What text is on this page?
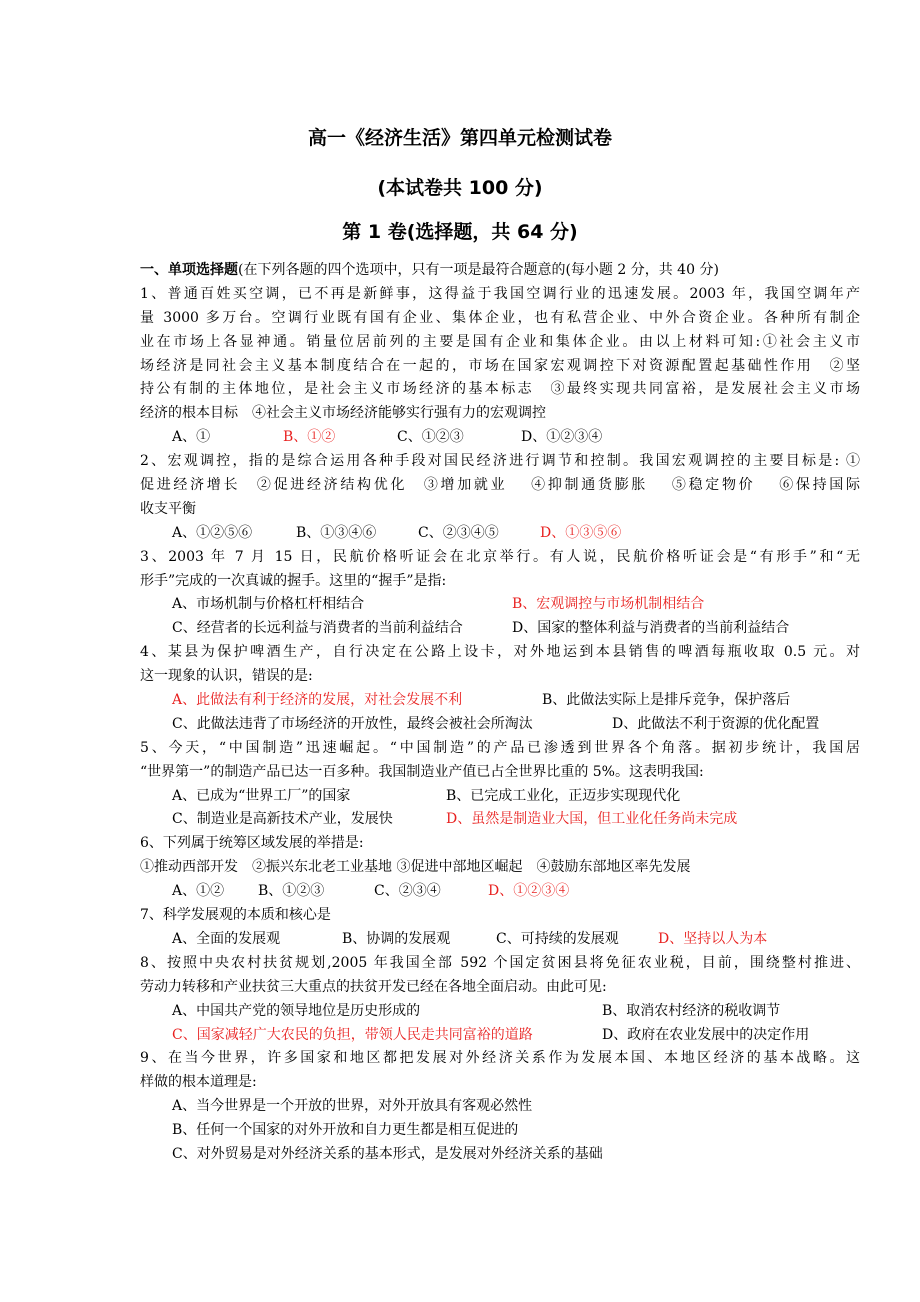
高一《经济生活》第四单元检测试卷
(本试卷共 100 分)
第 1 卷(选择题，共 64 分)
一、单项选择题(在下列各题的四个选项中，只有一项是最符合题意的(每小题 2 分，共 40 分)
1、普通百姓买空调，已不再是新鲜事，这得益于我国空调行业的迅速发展。2003 年，我国空调年产
量 3000 多万台。空调行业既有国有企业、集体企业，也有私营企业、中外合资企业。各种所有制企
业在市场上各显神通。销量位居前列的主要是国有企业和集体企业。由以上材料可知:①社会主义市
场经济是同社会主义基本制度结合在一起的，市场在国家宏观调控下对资源配置起基础性作用　②坚
持公有制的主体地位，是社会主义市场经济的基本标志　③最终实现共同富裕，是发展社会主义市场
经济的根本目标　④社会主义市场经济能够实行强有力的宏观调控
A、①	B、①②	C、①②③	D、①②③④
2、宏观调控，指的是综合运用各种手段对国民经济进行调节和控制。我国宏观调控的主要目标是: ①
促进经济增长　②促进经济结构优化　③增加就业　 ④抑制通货膨胀　 ⑤稳定物价　 ⑥保持国际
收支平衡
A、①②⑤⑥	B、①③④⑥	C、②③④⑤	D、①③⑤⑥
3、2003 年 7 月 15 日，民航价格听证会在北京举行。有人说，民航价格听证会是“有形手”和“无
形手”完成的一次真诚的握手。这里的“握手”是指:
A、市场机制与价格杠杆相结合	B、宏观调控与市场机制相结合
C、经营者的长远利益与消费者的当前利益结合	D、国家的整体利益与消费者的当前利益结合
4、某县为保护啤酒生产，自行决定在公路上设卡，对外地运到本县销售的啤酒每瓶收取 0.5 元。对
这一现象的认识，错误的是:
A、此做法有利于经济的发展，对社会发展不利	B、此做法实际上是排斥竞争，保护落后
C、此做法违背了市场经济的开放性，最终会被社会所淘汰	D、此做法不利于资源的优化配置
5、今天，“中国制造”迅速崛起。“中国制造”的产品已渗透到世界各个角落。据初步统计，我国居
“世界第一”的制造产品已达一百多种。我国制造业产值已占全世界比重的 5%。这表明我国:
A、已成为“世界工厂”的国家	B、已完成工业化，正迈步实现现代化
C、制造业是高新技术产业，发展快	D、虽然是制造业大国，但工业化任务尚未完成
6、下列属于统筹区域发展的举措是:
①推动西部开发　②振兴东北老工业基地 ③促进中部地区崛起　④鼓励东部地区率先发展
A、①② B、①②③	C、②③④	D、①②③④
7、科学发展观的本质和核心是
A、全面的发展观	B、协调的发展观	C、可持续的发展观	D、坚持以人为本
8、按照中央农村扶贫规划,2005 年我国全部 592 个国定贫困县将免征农业税，目前，围绕整村推进、
劳动力转移和产业扶贫三大重点的扶贫开发已经在各地全面启动。由此可见:
A、中国共产党的领导地位是历史形成的	B、取消农村经济的税收调节
C、国家减轻广大农民的负担，带领人民走共同富裕的道路	D、政府在农业发展中的决定作用
9、在当今世界，许多国家和地区都把发展对外经济关系作为发展本国、本地区经济的基本战略。这
样做的根本道理是:
A、当今世界是一个开放的世界，对外开放具有客观必然性
B、任何一个国家的对外开放和自力更生都是相互促进的
C、对外贸易是对外经济关系的基本形式，是发展对外经济关系的基础
